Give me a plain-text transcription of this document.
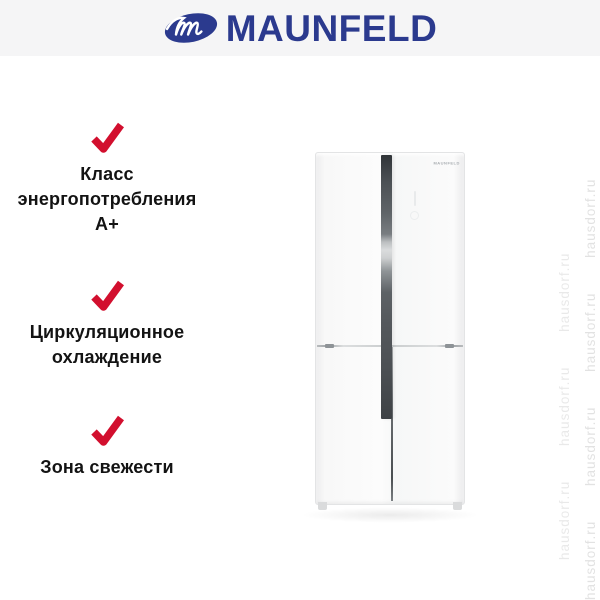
MAUNFELD
Класс
энергопотребления
А+
Циркуляционное
охлаждение
Зона свежести
MAUNFELD
hausdorf.ru hausdorf.ru hausdorf.ru hausdorf.ru
hausdorf.ru hausdorf.ru hausdorf.ru
